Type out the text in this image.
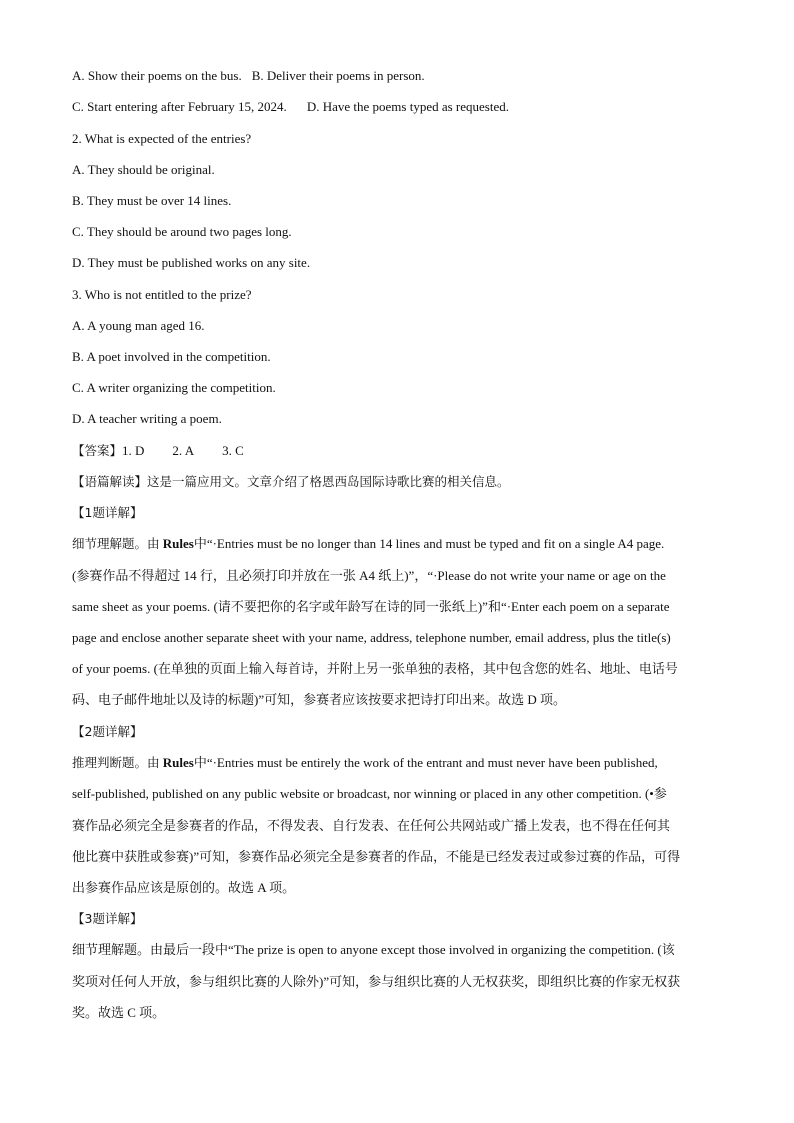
A. Show their poems on the bus. B. Deliver their poems in person.

C. Start entering after February 15, 2024. D. Have the poems typed as requested.

2. What is expected of the entries?

A. They should be original.

B. They must be over 14 lines.

C. They should be around two pages long.

D. They must be published works on any site.

3. Who is not entitled to the prize?

A. A young man aged 16.

B. A poet involved in the competition.

C. A writer organizing the competition.

D. A teacher writing a poem.

【答案】1. D 2. A 3. C

【语篇解读】这是一篇应用文。文章介绍了格恩西岛国际诗歌比赛的相关信息。

【1题详解】

细节理解题。由 Rules中“·Entries must be no longer than 14 lines and must be typed and fit on a single A4 page.

(参赛作品不得超过 14 行，且必须打印并放在一张 A4 纸上)”，“·Please do not write your name or age on the

same sheet as your poems. (请不要把你的名字或年龄写在诗的同一张纸上)”和“·Enter each poem on a separate

page and enclose another separate sheet with your name, address, telephone number, email address, plus the title(s)

of your poems. (在单独的页面上输入每首诗，并附上另一张单独的表格，其中包含您的姓名、地址、电话号

码、电子邮件地址以及诗的标题)”可知，参赛者应该按要求把诗打印出来。故选 D 项。

【2题详解】

推理判断题。由 Rules中“·Entries must be entirely the work of the entrant and must never have been published,

self-published, published on any public website or broadcast, nor winning or placed in any other competition. (•参

赛作品必须完全是参赛者的作品，不得发表、自行发表、在任何公共网站或广播上发表，也不得在任何其

他比赛中获胜或参赛)”可知，参赛作品必须完全是参赛者的作品，不能是已经发表过或参过赛的作品，可得

出参赛作品应该是原创的。故选 A 项。

【3题详解】

细节理解题。由最后一段中“The prize is open to anyone except those involved in organizing the competition. (该

奖项对任何人开放，参与组织比赛的人除外)”可知，参与组织比赛的人无权获奖，即组织比赛的作家无权获

奖。故选 C 项。
